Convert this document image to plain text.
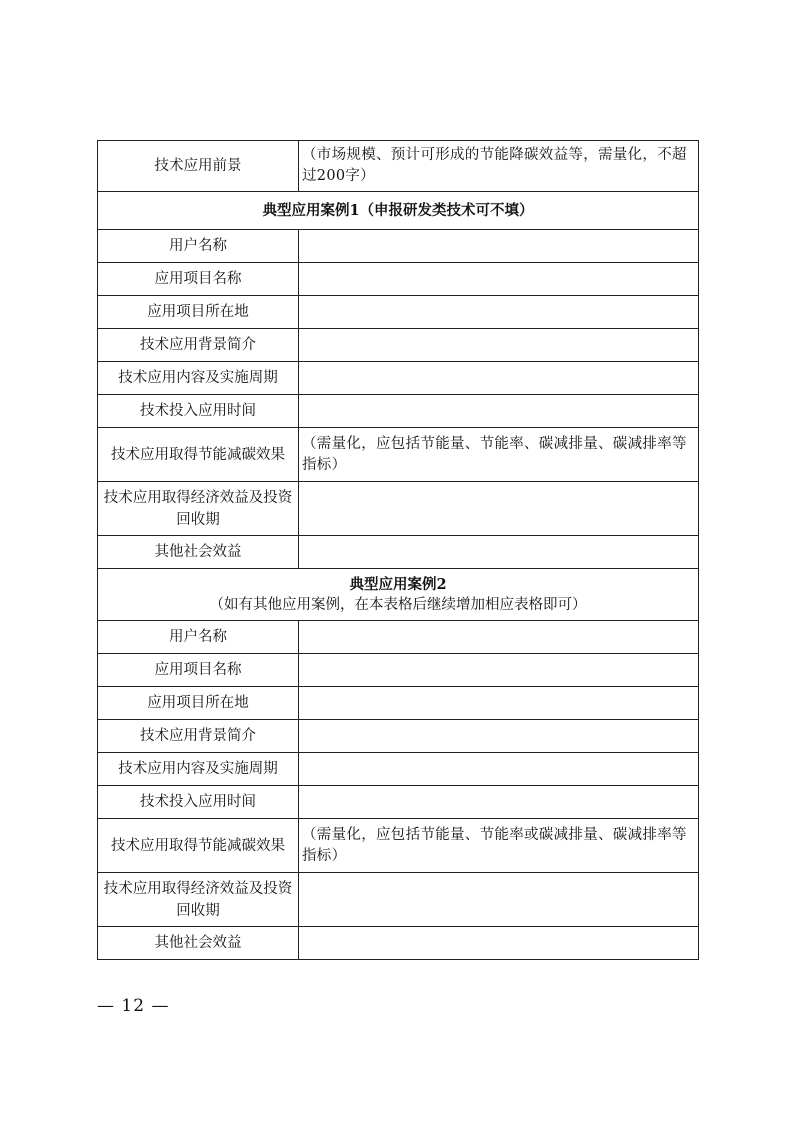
技术应用前景	（市场规模、预计可形成的节能降碳效益等，需量化，不超过200字）
典型应用案例1（申报研发类技术可不填）	
用户名称	
应用项目名称	
应用项目所在地	
技术应用背景简介	
技术应用内容及实施周期	
技术投入应用时间	
技术应用取得节能减碳效果	（需量化，应包括节能量、节能率、碳减排量、碳减排率等指标）
技术应用取得经济效益及投资回收期	
其他社会效益	
典型应用案例2
（如有其他应用案例，在本表格后继续增加相应表格即可）	

用户名称	
应用项目名称	
应用项目所在地	
技术应用背景简介	
技术应用内容及实施周期	
技术投入应用时间	
技术应用取得节能减碳效果	（需量化，应包括节能量、节能率或碳减排量、碳减排率等指标）
技术应用取得经济效益及投资回收期	
其他社会效益	
— 12 —
